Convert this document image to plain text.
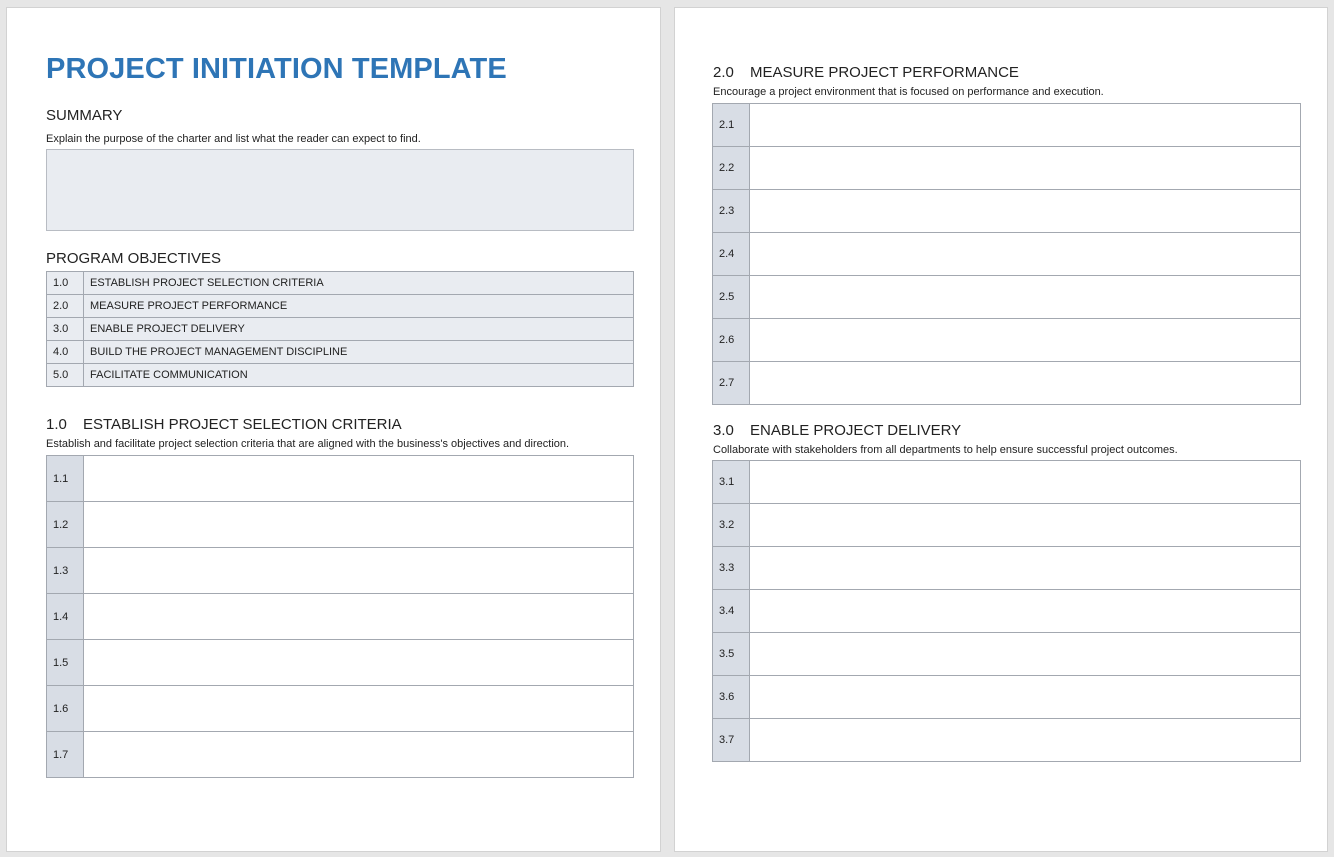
PROJECT INITIATION TEMPLATE
SUMMARY

Explain the purpose of the charter and list what the reader can expect to find.

PROGRAM OBJECTIVES
1.0	ESTABLISH PROJECT SELECTION CRITERIA
2.0	MEASURE PROJECT PERFORMANCE
3.0	ENABLE PROJECT DELIVERY
4.0	BUILD THE PROJECT MANAGEMENT DISCIPLINE
5.0	FACILITATE COMMUNICATION
1.0 ESTABLISH PROJECT SELECTION CRITERIA

Establish and facilitate project selection criteria that are aligned with the business's objectives and direction.

1.1	
1.2	
1.3	
1.4	
1.5	
1.6	
1.7	
2.0 MEASURE PROJECT PERFORMANCE

Encourage a project environment that is focused on performance and execution.

2.1	
2.2	
2.3	
2.4	
2.5	
2.6	
2.7	
3.0 ENABLE PROJECT DELIVERY

Collaborate with stakeholders from all departments to help ensure successful project outcomes.

3.1	
3.2	
3.3	
3.4	
3.5	
3.6	
3.7	
